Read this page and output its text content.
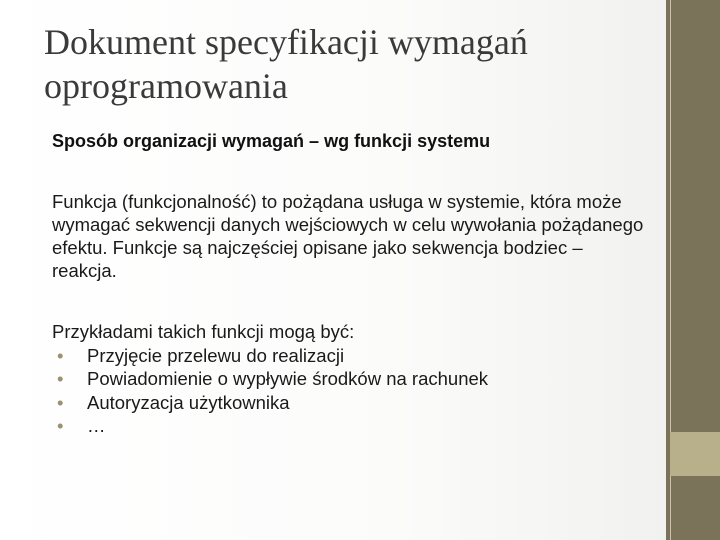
Dokument specyfikacji wymagań oprogramowania

Sposób organizacji wymagań – wg funkcji systemu

Funkcja (funkcjonalność) to pożądana usługa w systemie, która może wymagać sekwencji danych wejściowych w celu wywołania pożądanego efektu. Funkcje są najczęściej opisane jako sekwencja bodziec – reakcja.

Przykładami takich funkcji mogą być:

• Przyjęcie przelewu do realizacji
• Powiadomienie o wypływie środków na rachunek
• Autoryzacja użytkownika
• …
